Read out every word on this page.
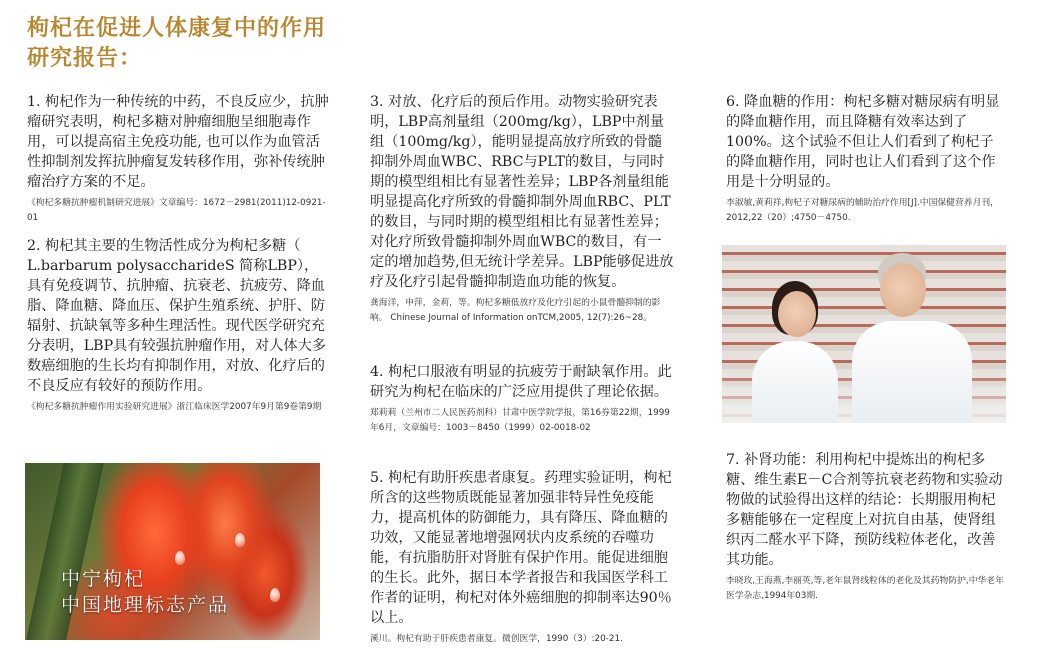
枸杞在促进人体康复中的作用研究报告：

1. 枸杞作为一种传统的中药，不良反应少，抗肿瘤研究表明，枸杞多糖对肿瘤细胞呈细胞毒作用，可以提高宿主免疫功能, 也可以作为血管活性抑制剂发挥抗肿瘤复发转移作用，弥补传统肿瘤治疗方案的不足。

《枸杞多糖抗肿瘤机制研究进展》文章编号：1672－2981(2011)12-0921-01

2. 枸杞其主要的生物活性成分为枸杞多糖（ L.barbarum polysaccharideS 简称LBP），具有免疫调节、抗肿瘤、抗衰老、抗疲劳、降血脂、降血糖、降血压、保护生殖系统、护肝、防辐射、抗缺氧等多种生理活性。现代医学研究充分表明，LBP具有较强抗肿瘤作用，对人体大多数癌细胞的生长均有抑制作用，对放、化疗后的不良反应有较好的预防作用。

《枸杞多糖抗肿瘤作用实验研究进展》浙江临床医学2007年9月第9卷第9期
中宁枸杞
中国地理标志产品

3. 对放、化疗后的预后作用。动物实验研究表明，LBP高剂量组（200mg/kg），LBP中剂量组（100mg/kg），能明显提高放疗所致的骨髓抑制外周血WBC、RBC与PLT的数目，与同时期的模型组相比有显著性差异；LBP各剂量组能明显提高化疗所致的骨髓抑制外周血RBC、PLT的数目，与同时期的模型组相比有显著性差异；对化疗所致骨髓抑制外周血WBC的数目，有一定的增加趋势,但无统计学差异。LBP能够促进放疗及化疗引起骨髓抑制造血功能的恢复。

龚海洋，申萍，金莉，等。枸杞多糖低放疗及化疗引起的小鼠骨髓抑制的影响。 Chinese Journal of Information onTCM,2005, 12(7):26~28。

4. 枸杞口服液有明显的抗疲劳于耐缺氧作用。此研究为枸杞在临床的广泛应用提供了理论依据。

郑莉莉（兰州市二人民医药剂科）甘肃中医学院学报，第16券第22期，1999年6月，文章编号：1003－8450（1999）02-0018-02

5. 枸杞有助肝疾患者康复。药理实验证明，枸杞所含的这些物质既能显著加强非特异性免疫能力，提高机体的防御能力，具有降压、降血糖的功效，又能显著地增强网状内皮系统的吞噬功能，有抗脂肪肝对肾脏有保护作用。能促进细胞的生长。此外，据日本学者报告和我国医学科工作者的证明，枸杞对体外癌细胞的抑制率达90％以上。

溪川。枸杞有助于肝疾患者康复。微创医学，1990（3）:20-21.

6. 降血糖的作用：枸杞多糖对糖尿病有明显的降血糖作用，而且降糖有效率达到了100%。这个试验不但让人们看到了枸杞子的降血糖作用，同时也让人们看到了这个作用是十分明显的。

李淑敏,黄莉祥,枸杞子对糖尿病的辅助治疗作用[J].中国保健营养月刊，2012,22（20）;4750－4750.

7. 补肾功能：利用枸杞中提炼出的枸杞多糖、维生素E－C合剂等抗衰老药物和实验动物做的试验得出这样的结论：长期服用枸杞多糖能够在一定程度上对抗自由基，使肾组织丙二醛水平下降，预防线粒体老化，改善其功能。

李晓玫,王海燕,李丽英,等,老年鼠肾线粒体的老化及其药物防护,中华老年医学杂志,1994年03期.
